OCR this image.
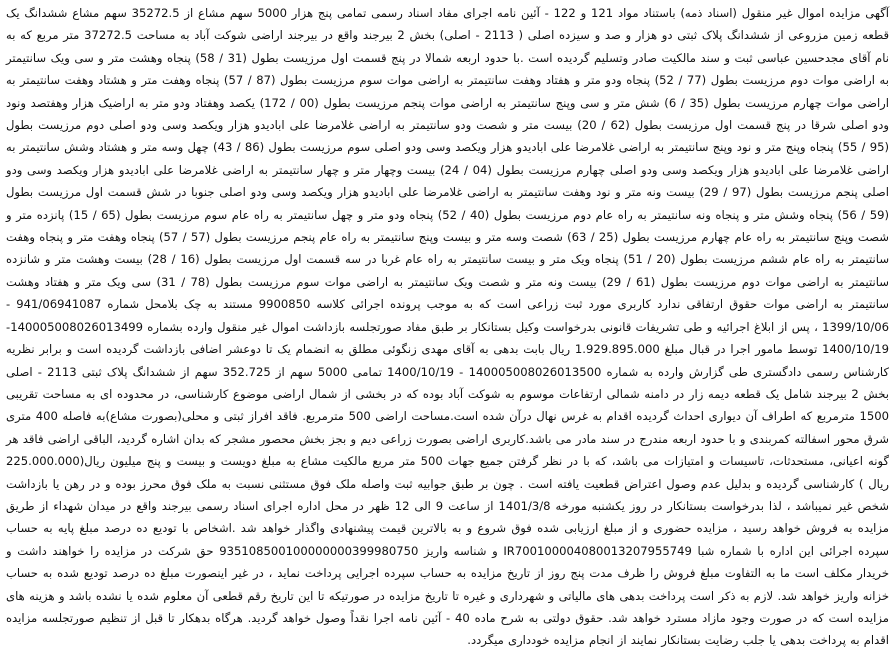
آگهی مزایده اموال غیر منقول (اسناد ذمه) باستناد مواد 121 و 122 - آئین نامه اجرای مفاد اسناد رسمی تمامی پنج هزار 5000 سهم مشاع از 35272.5 سهم مشاع ششدانگ یک قطعه زمین مزروعی از ششدانگ پلاک ثبتی دو هزار و صد و سیزده اصلی ( 2113 - اصلی) بخش 2 بیرجند واقع در بیرجند اراضی شوکت آباد به مساحت 37272.5 متر مربع که به نام آقای مجدحسین عباسی ثبت و سند مالکیت صادر وتسلیم گردیده است .با حدود اربعه شمالا در پنج قسمت اول مرزیست بطول (31 / 58) پنجاه وهشت متر و سی ویک سانتیمتر به اراضی موات دوم مرزیست بطول (77 / 52) پنجاه ودو متر و هفتاد وهفت سانتیمتر به اراضی موات سوم مرزیست بطول (87 / 57) پنجاه وهفت متر و هشتاد وهفت سانتیمتر به اراضی موات چهارم مرزیست بطول (35 / 6) شش متر و سی وپنج سانتیمتر به اراضی موات پنجم مرزیست بطول (00 / 172) یکصد وهفتاد ودو متر به اراضیک هزار وهفتصد ونود ودو اصلی شرقا در پنج قسمت اول مرزیست بطول (62 / 20) بیست متر و شصت ودو سانتیمتر به اراضی غلامرضا علی ابادیدو هزار ویکصد وسی ودو اصلی دوم مرزیست بطول (95 / 55) پنجاه وپنج متر و نود وپنج سانتیمتر به اراضی غلامرضا علی ابادیدو هزار ویکصد وسی ودو اصلی سوم مرزیست بطول (86 / 43) چهل وسه متر و هشتاد وشش سانتیمتر به اراضی غلامرضا علی ابادیدو هزار ویکصد وسی ودو اصلی چهارم مرزیست بطول (04 / 24) بیست وچهار متر و چهار سانتیمتر به اراضی غلامرضا علی ابادیدو هزار ویکصد وسی ودو اصلی پنجم مرزیست بطول (97 / 29) بیست ونه متر و نود وهفت سانتیمتر به اراضی غلامرضا علی ابادیدو هزار ویکصد وسی ودو اصلی جنوبا در شش قسمت اول مرزیست بطول (59 / 56) پنجاه وشش متر و پنجاه ونه سانتیمتر به راه عام دوم مرزیست بطول (40 / 52) پنجاه ودو متر و چهل سانتیمتر به راه عام سوم مرزیست بطول (65 / 15) پانزده متر و شصت وپنج سانتیمتر به راه عام چهارم مرزیست بطول (25 / 63) شصت وسه متر و بیست وپنج سانتیمتر به راه عام پنجم مرزیست بطول (57 / 57) پنجاه وهفت متر و پنجاه وهفت سانتیمتر به راه عام ششم مرزیست بطول (20 / 51) پنجاه ویک متر و بیست سانتیمتر به راه عام غربا در سه قسمت اول مرزیست بطول (16 / 28) بیست وهشت متر و شانزده سانتیمتر به اراضی موات دوم مرزیست بطول (61 / 29) بیست ونه متر و شصت ویک سانتیمتر به اراضی موات سوم مرزیست بطول (78 / 31) سی ویک متر و هفتاد وهشت سانتیمتر به اراضی موات حقوق ارتفاقی ندارد کاربری مورد ثبت زراعی است که به موجب پرونده اجرائی کلاسه 9900850 مستند به چک بلامحل شماره 941/06941087 - 1399/10/06 ، پس از ابلاغ اجرائیه و طی تشریفات قانونی بدرخواست وکیل بستانکار بر طبق مفاد صورتجلسه بازداشت اموال غیر منقول وارده بشماره 140005008026013499-1400/10/19 توسط مامور اجرا در قبال مبلغ 1.929.895.000 ریال بابت بدهی به آقای مهدی زنگوئی مطلق به انضمام یک تا دوعشر اضافی بازداشت گردیده است و برابر نظریه کارشناس رسمی دادگستری طی گزارش وارده به شماره 140005008026013500 - 1400/10/19 تمامی 5000 سهم از 352.725 سهم از ششدانگ پلاک ثبتی 2113 - اصلی بخش 2 بیرجند شامل یک قطعه دیمه زار در دامنه شمالی ارتفاعات موسوم به شوکت آباد بوده که در بخشی از شمال اراضی موضوع کارشناسی، در محدوده ای به مساحت تقریبی 1500 مترمربع که اطراف آن دیواری احداث گردیده اقدام به غرس نهال درآن شده است.مساحت اراضی 500 مترمربع. فاقد افراز ثبتی و محلی(بصورت مشاع)به فاصله 400 متری شرق محور اسفالته کمربندی و با حدود اربعه مندرج در سند مادر می باشد.کاربری اراضی بصورت زراعی دیم و بجز بخش محصور مشجر که بدان اشاره گردید، الباقی اراضی فاقد هر گونه اعیانی، مستحدثات، تاسیسات و امتیازات می باشد، که با در نظر گرفتن جمیع جهات 500 متر مربع مالکیت مشاع به مبلغ دویست و بیست و پنج میلیون ریال(225.000.000 ریال ) کارشناسی گردیده و بدلیل عدم وصول اعتراض قطعیت یافته است . چون بر طبق جوابیه ثبت واصله ملک فوق مستثنی نسبت به ملک فوق محرز بوده و در رهن یا بازداشت شخص غیر نمیباشد ، لذا بدرخواست بستانکار در روز یکشنبه مورخه 1401/3/8 از ساعت 9 الی 12 ظهر در محل اداره اجرای اسناد رسمی بیرجند واقع در میدان شهداء از طریق مزایده به فروش خواهد رسید ، مزایده حضوری و از مبلغ ارزیابی شده فوق شروع و به بالاترین قیمت پیشنهادی واگذار خواهد شد .اشخاص با تودیع ده درصد مبلغ پایه به حساب سپرده اجرائی این اداره با شماره شبا IR700100004080013207955749 و شناسه واریز 935108500100000000399980750 حق شرکت در مزایده را خواهند داشت و خریدار مکلف است ما به التفاوت مبلغ فروش را ظرف مدت پنج روز از تاریخ مزایده به حساب سپرده اجرایی پرداخت نماید ، در غیر اینصورت مبلغ ده درصد تودیع شده به حساب خزانه واریز خواهد شد. لازم به ذکر است پرداخت بدهی های مالیاتی و شهرداری و غیره تا تاریخ مزایده در صورتیکه تا این تاریخ رقم قطعی آن معلوم شده یا نشده باشد و هزینه های مزایده است که در صورت وجود مازاد مسترد خواهد شد. حقوق دولتی به شرح ماده 40 - آئین نامه اجرا نقداً وصول خواهد گردید. هرگاه بدهکار تا قبل از تنظیم صورتجلسه مزایده اقدام به پرداخت بدهی یا جلب رضایت بستانکار نمایند از انجام مزایده خودداری میگردد.
